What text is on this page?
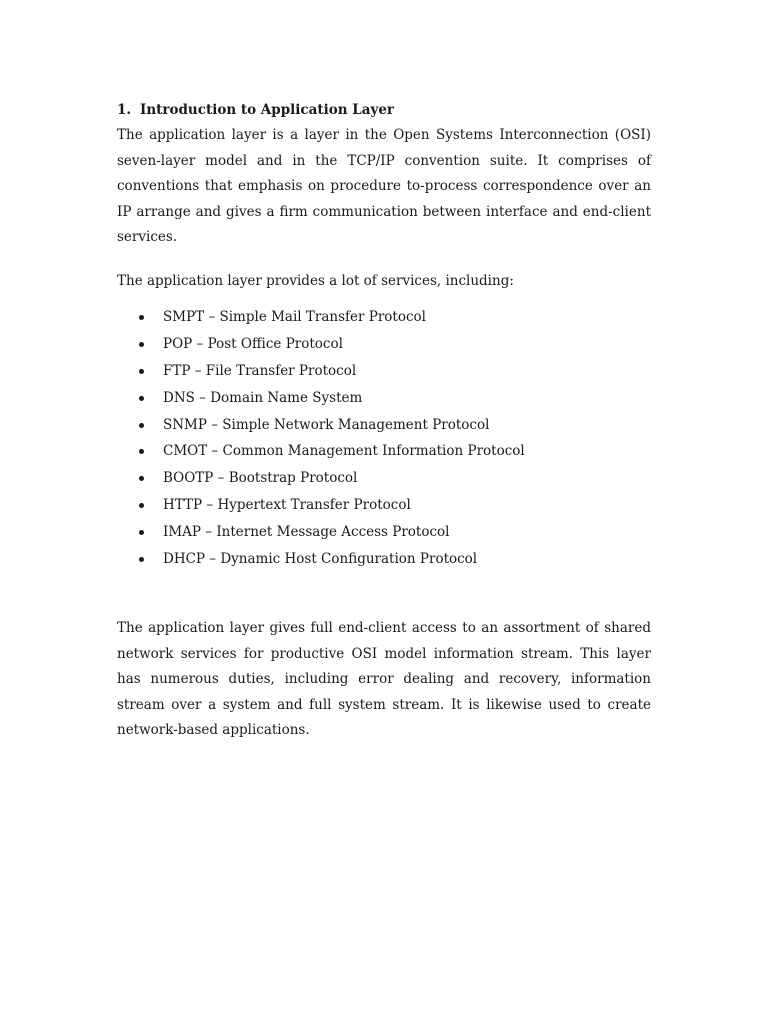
1. Introduction to Application Layer

The application layer is a layer in the Open Systems Interconnection (OSI) seven-layer model and in the TCP/IP convention suite. It comprises of conventions that emphasis on procedure to-process correspondence over an IP arrange and gives a firm communication between interface and end-client services.

The application layer provides a lot of services, including:

SMPT – Simple Mail Transfer Protocol
POP – Post Office Protocol
FTP – File Transfer Protocol
DNS – Domain Name System
SNMP – Simple Network Management Protocol
CMOT – Common Management Information Protocol
BOOTP – Bootstrap Protocol
HTTP – Hypertext Transfer Protocol
IMAP – Internet Message Access Protocol
DHCP – Dynamic Host Configuration Protocol

The application layer gives full end-client access to an assortment of shared network services for productive OSI model information stream. This layer has numerous duties, including error dealing and recovery, information stream over a system and full system stream. It is likewise used to create network-based applications.
